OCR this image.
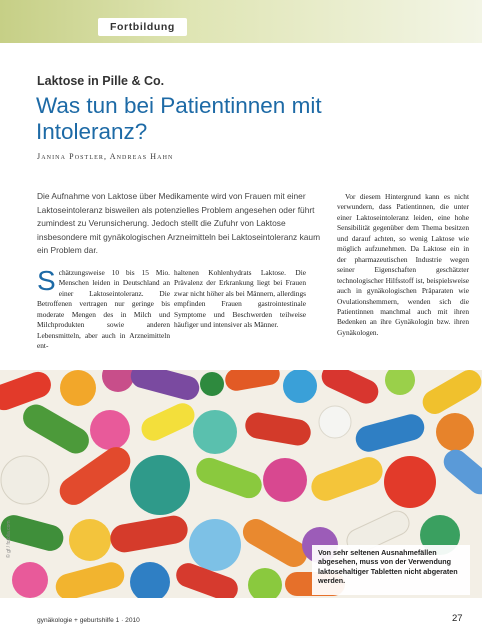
Fortbildung
Laktose in Pille & Co.
Was tun bei Patientinnen mit Intoleranz?
Janina Postler, Andreas Hahn
Die Aufnahme von Laktose über Medikamente wird von Frauen mit einer Laktoseintoleranz bisweilen als potenzielles Problem angesehen oder führt zumindest zu Verunsicherung. Jedoch stellt die Zufuhr von Laktose insbesondere mit gynäkologischen Arzneimitteln bei Laktoseintoleranz kaum ein Problem dar.
S chätzungsweise 10 bis 15 Mio. Menschen leiden in Deutschland an einer Laktoseintoleranz. Die Betroffenen vertragen nur geringe bis moderate Mengen des in Milch und Milchprodukten sowie anderen Lebensmitteln, aber auch in Arzneimitteln ent-
haltenen Kohlenhydrats Laktose. Die Prävalenz der Erkrankung liegt bei Frauen zwar nicht höher als bei Männern, allerdings empfinden Frauen gastrointestinale Symptome und Beschwerden teilweise häufiger und intensiver als Männer.
Vor diesem Hintergrund kann es nicht verwundern, dass Patientinnen, die unter einer Laktoseintoleranz leiden, eine hohe Sensibilität gegenüber dem Thema besitzen und darauf achten, so wenig Laktose wie möglich aufzunehmen. Da Laktose ein in der pharmazeutischen Industrie wegen seiner Eigenschaften geschätzter technologischer Hilfsstoff ist, beispielsweise auch in gynäkologischen Präparaten wie Ovulationshemmern, wenden sich die Patientinnen manchmal auch mit ihren Bedenken an ihre Gynäkologin bzw. ihren Gynäkologen.
© gf / fotolia.com	Von sehr seltenen Ausnahmefällen abgesehen, muss von der Verwendung laktosehaltiger Tabletten nicht abgeraten werden.
gynäkologie + geburtshilfe 1 · 2010	27
